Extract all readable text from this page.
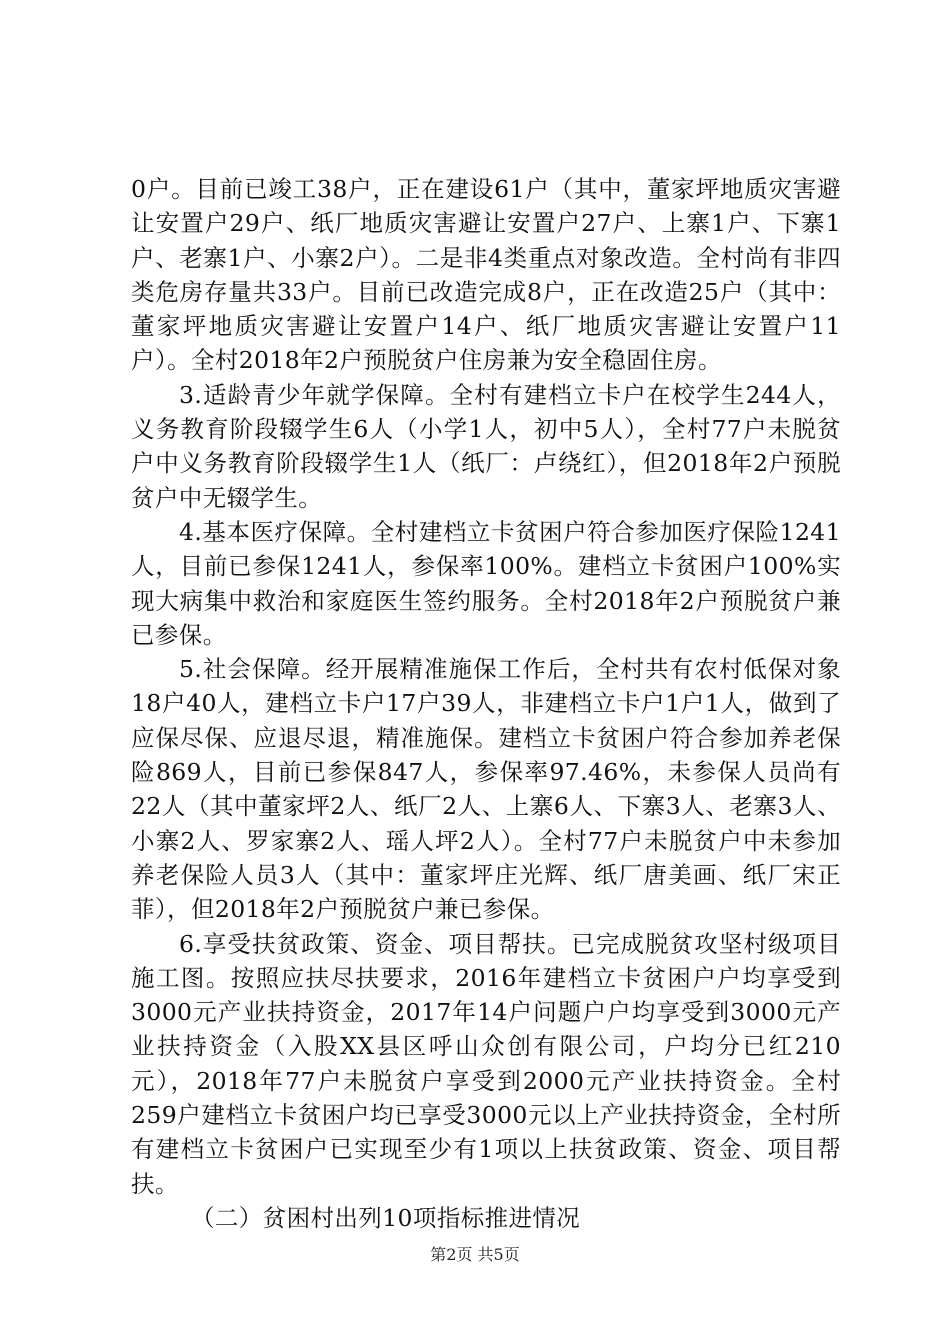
0户。目前已竣工38户，正在建设61户（其中，董家坪地质灾害避让安置户29户、纸厂地质灾害避让安置户27户、上寨1户、下寨1户、老寨1户、小寨2户）。二是非4类重点对象改造。全村尚有非四类危房存量共33户。目前已改造完成8户，正在改造25户（其中：董家坪地质灾害避让安置户14户、纸厂地质灾害避让安置户11户）。全村2018年2户预脱贫户住房兼为安全稳固住房。

3.适龄青少年就学保障。全村有建档立卡户在校学生244人，义务教育阶段辍学生6人（小学1人，初中5人），全村77户未脱贫户中义务教育阶段辍学生1人（纸厂：卢绕红），但2018年2户预脱贫户中无辍学生。

4.基本医疗保障。全村建档立卡贫困户符合参加医疗保险1241人，目前已参保1241人，参保率100%。建档立卡贫困户100%实现大病集中救治和家庭医生签约服务。全村2018年2户预脱贫户兼已参保。

5.社会保障。经开展精准施保工作后，全村共有农村低保对象18户40人，建档立卡户17户39人，非建档立卡户1户1人，做到了应保尽保、应退尽退，精准施保。建档立卡贫困户符合参加养老保险869人，目前已参保847人，参保率97.46%，未参保人员尚有22人（其中董家坪2人、纸厂2人、上寨6人、下寨3人、老寨3人、小寨2人、罗家寨2人、瑶人坪2人）。全村77户未脱贫户中未参加养老保险人员3人（其中：董家坪庄光辉、纸厂唐美画、纸厂宋正菲），但2018年2户预脱贫户兼已参保。

6.享受扶贫政策、资金、项目帮扶。已完成脱贫攻坚村级项目施工图。按照应扶尽扶要求，2016年建档立卡贫困户户均享受到3000元产业扶持资金，2017年14户问题户户均享受到3000元产业扶持资金（入股XX县区呼山众创有限公司，户均分已红210元），2018年77户未脱贫户享受到2000元产业扶持资金。全村259户建档立卡贫困户均已享受3000元以上产业扶持资金，全村所有建档立卡贫困户已实现至少有1项以上扶贫政策、资金、项目帮扶。

（二）贫困村出列10项指标推进情况

第2页 共5页
